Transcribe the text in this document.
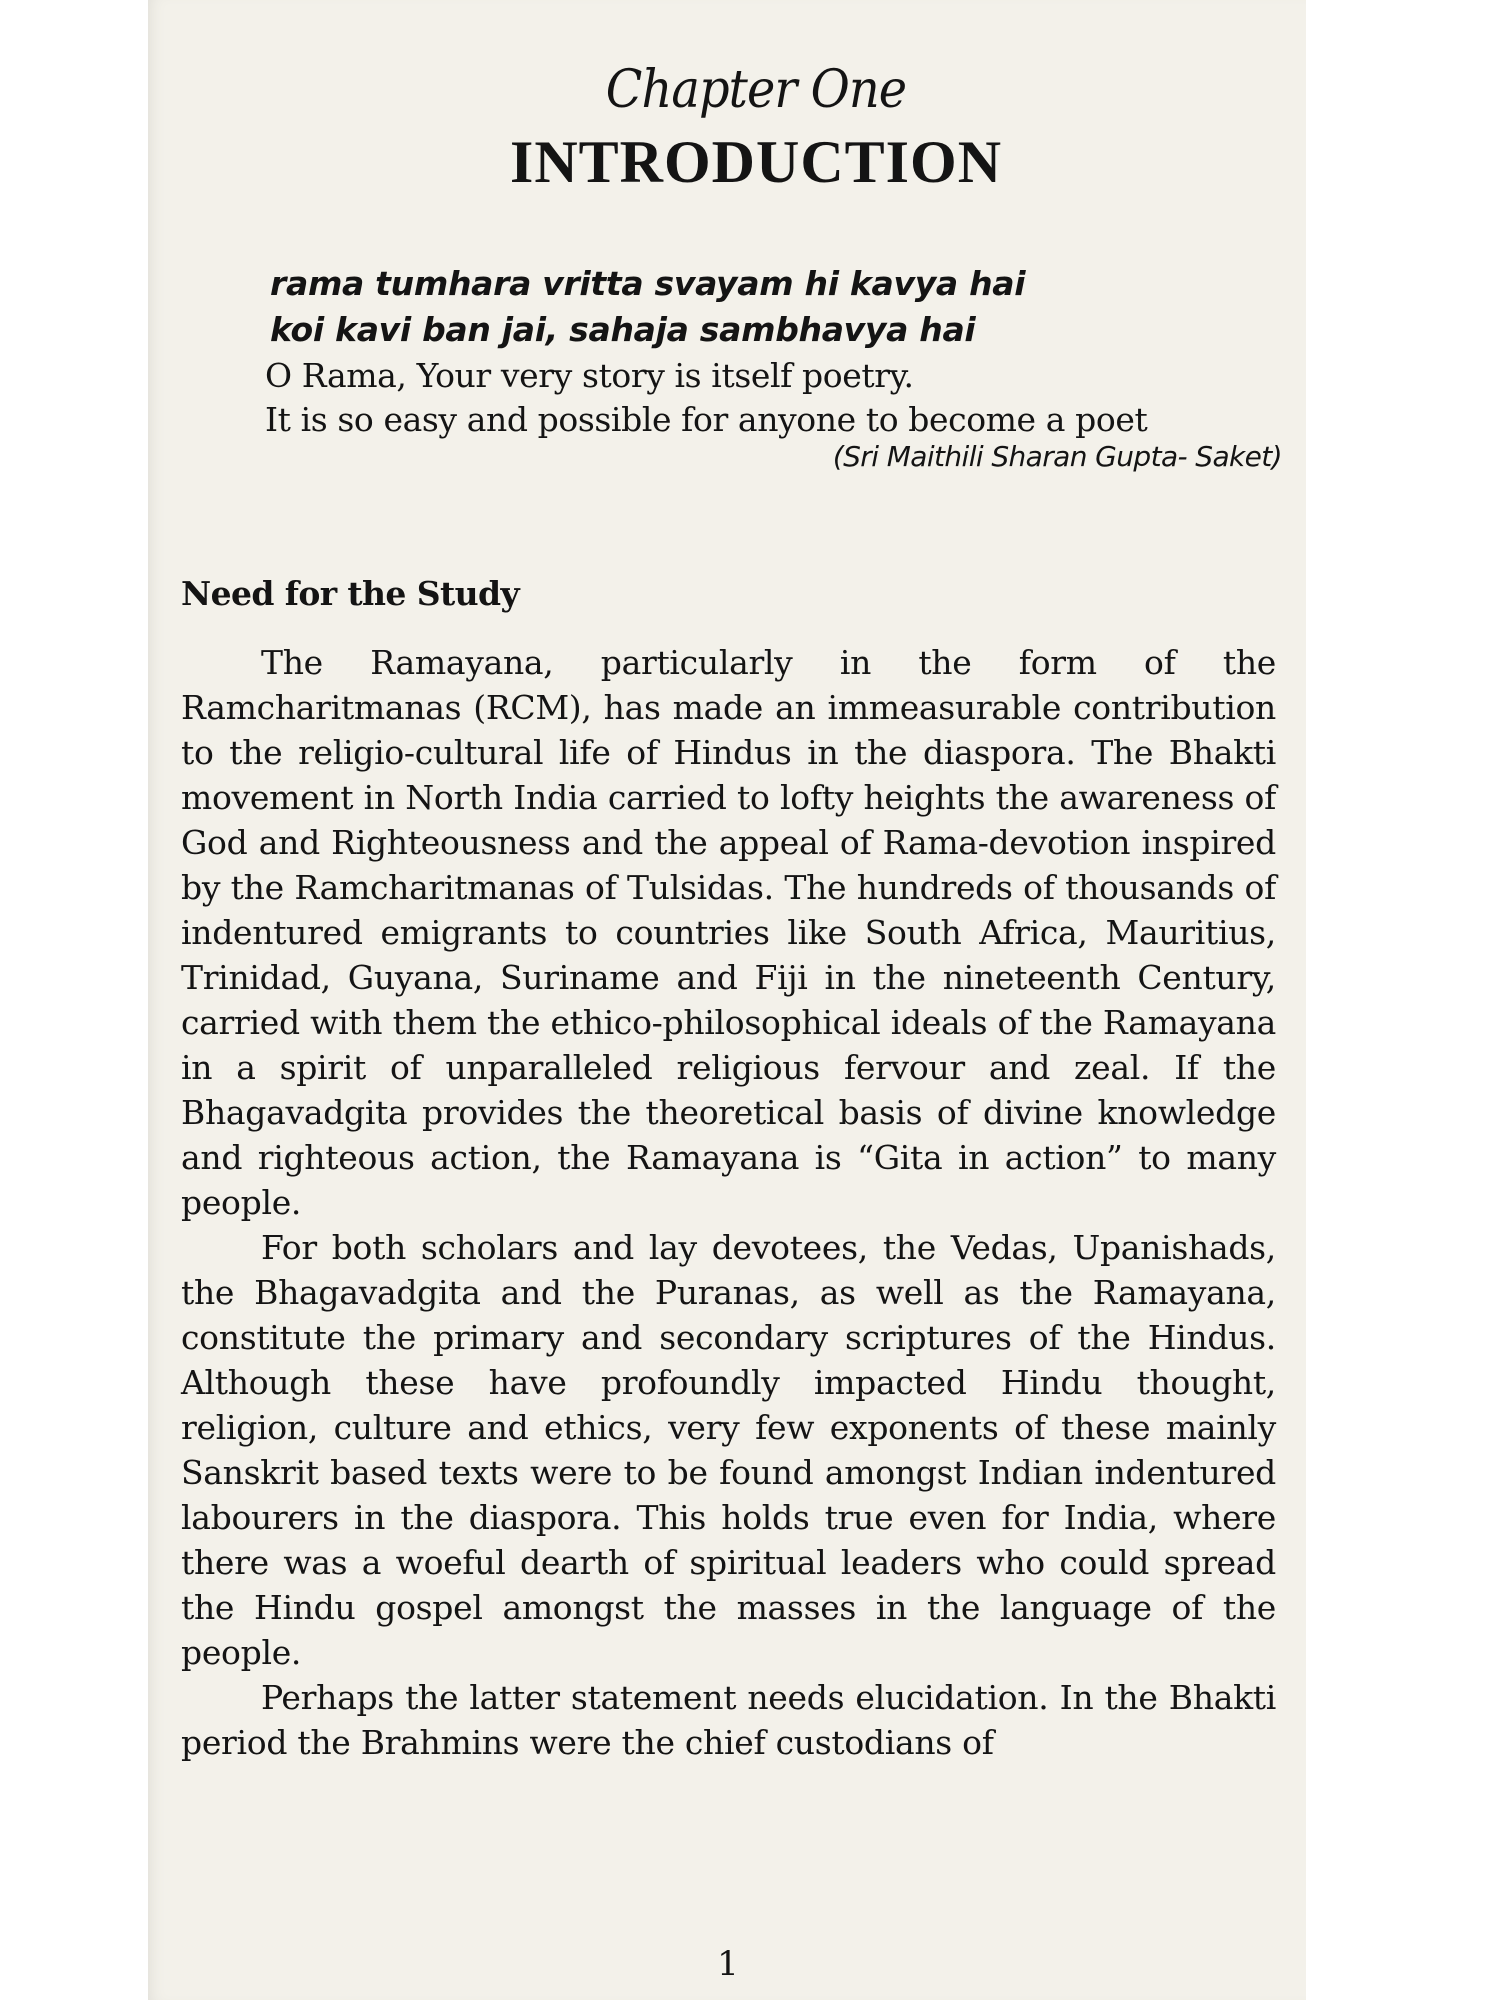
Chapter One
INTRODUCTION
rama tumhara vritta svayam hi kavya hai
koi kavi ban jai, sahaja sambhavya hai
O Rama, Your very story is itself poetry.
It is so easy and possible for anyone to become a poet
(Sri Maithili Sharan Gupta- Saket)
Need for the Study

The Ramayana, particularly in the form of the Ramcharitmanas (RCM), has made an immeasurable contribution to the religio-cultural life of Hindus in the diaspora. The Bhakti movement in North India carried to lofty heights the awareness of God and Righteousness and the appeal of Rama-devotion inspired by the Ramcharitmanas of Tulsidas. The hundreds of thousands of indentured emigrants to countries like South Africa, Mauritius, Trinidad, Guyana, Suriname and Fiji in the nineteenth Century, carried with them the ethico-philosophical ideals of the Ramayana in a spirit of unparalleled religious fervour and zeal. If the Bhagavadgita provides the theoretical basis of divine knowledge and righteous action, the Ramayana is “Gita in action” to many people.

For both scholars and lay devotees, the Vedas, Upanishads, the Bhagavadgita and the Puranas, as well as the Ramayana, constitute the primary and secondary scriptures of the Hindus. Although these have profoundly impacted Hindu thought, religion, culture and ethics, very few exponents of these mainly Sanskrit based texts were to be found amongst Indian indentured labourers in the diaspora. This holds true even for India, where there was a woeful dearth of spiritual leaders who could spread the Hindu gospel amongst the masses in the language of the people.

Perhaps the latter statement needs elucidation. In the Bhakti period the Brahmins were the chief custodians of

1
